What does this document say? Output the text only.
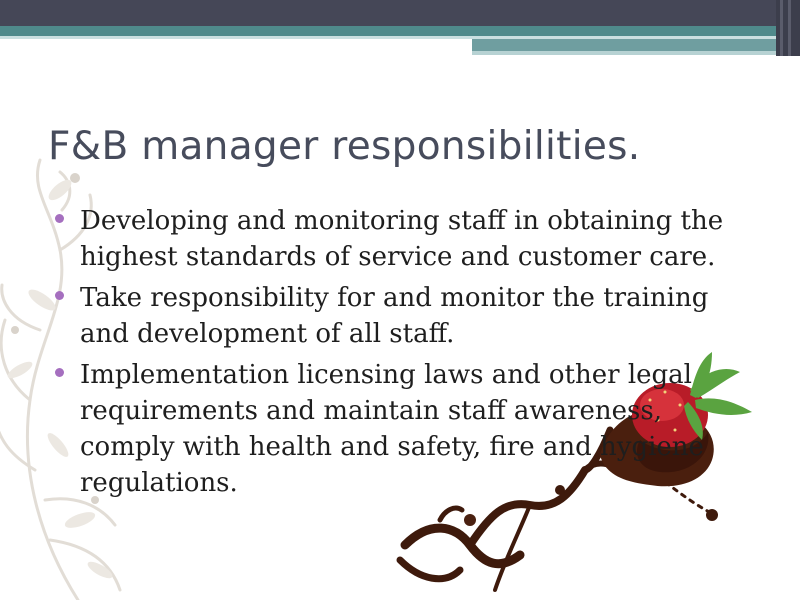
F&B manager responsibilities.
Developing and monitoring staff in obtaining the highest standards of service and customer care.
Take responsibility for and monitor the training and development of all staff.
Implementation licensing laws and other legal requirements and maintain staff awareness, comply with health and safety, fire and hygiene regulations.
